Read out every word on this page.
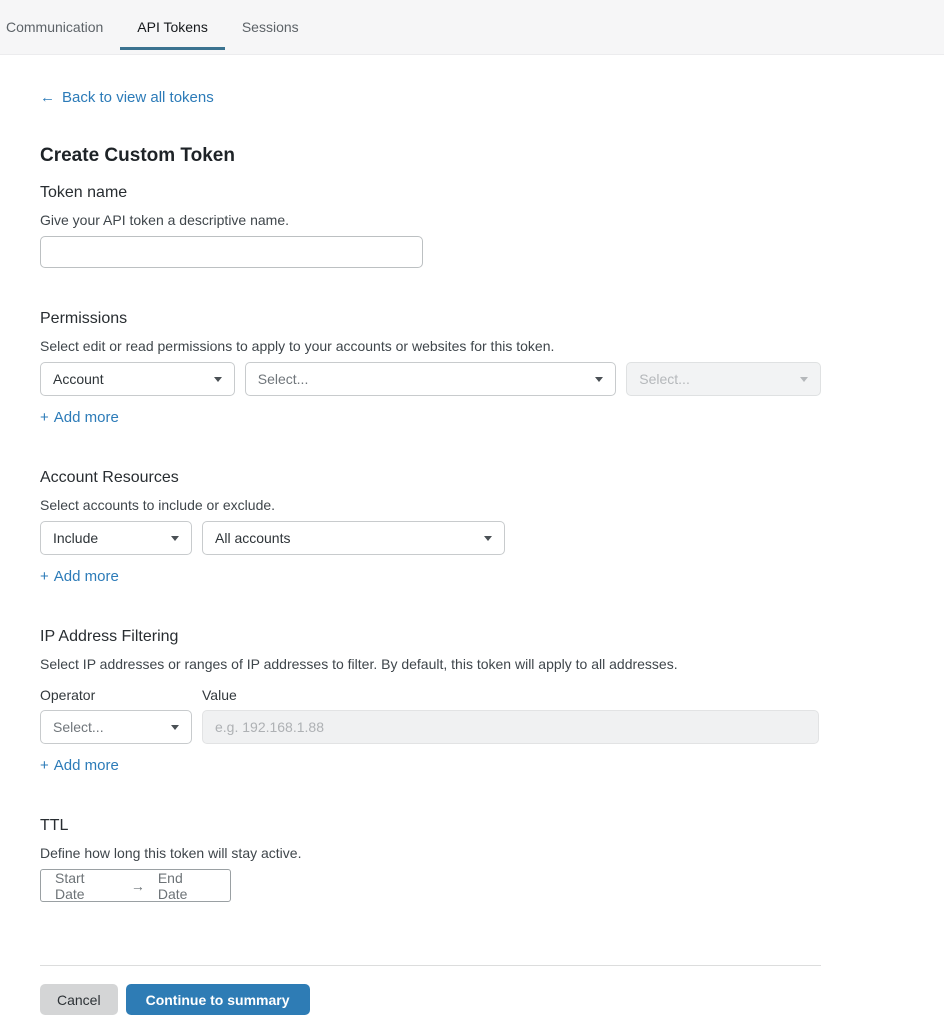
Communication	API Tokens	Sessions
← Back to view all tokens
Create Custom Token
Token name

Give your API token a descriptive name.

Permissions

Select edit or read permissions to apply to your accounts or websites for this token.

Account	Select...	Select...
+ Add more
Account Resources

Select accounts to include or exclude.

Include	All accounts
+ Add more
IP Address Filtering

Select IP addresses or ranges of IP addresses to filter. By default, this token will apply to all addresses.

Operator
Select...
Value
e.g. 192.168.1.88
+ Add more
TTL

Define how long this token will stay active.

Start Date	→ End Date
Cancel	Continue to summary
